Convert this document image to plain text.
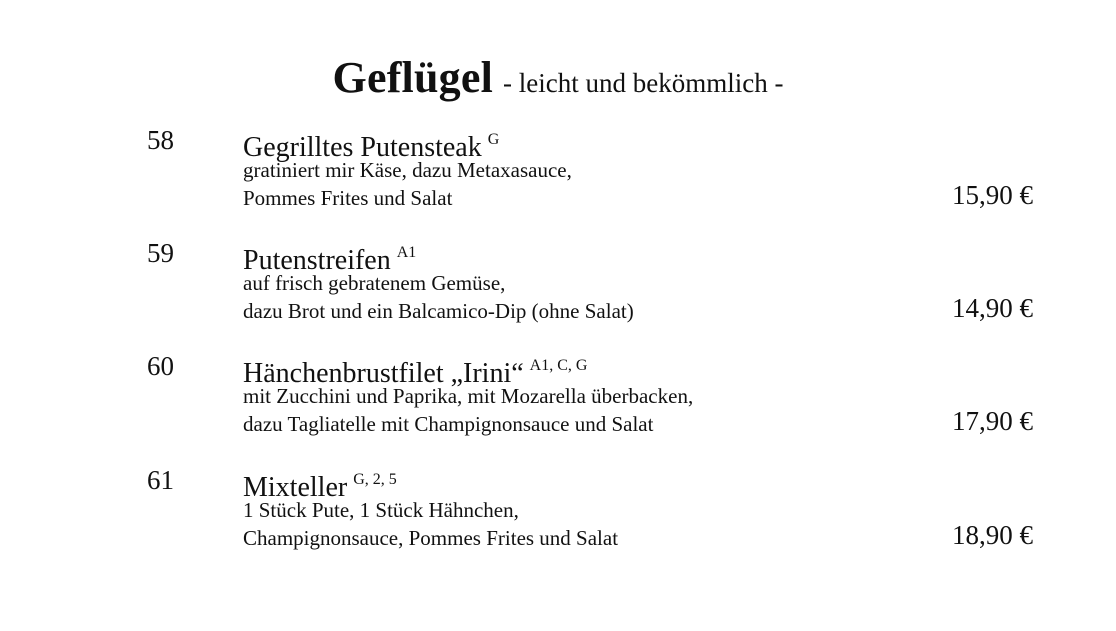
Geflügel - leicht und bekömmlich -
58 Gegrilltes Putensteak $^G$
gratiniert mir Käse, dazu Metaxasauce,
Pommes Frites und Salat	15,90 €
59 Putenstreifen $^{A1}$
auf frisch gebratenem Gemüse,
dazu Brot und ein Balcamico-Dip (ohne Salat)	14,90 €
60 Hänchenbrustfilet „Irini“ $^{A1, C, G}$
mit Zucchini und Paprika, mit Mozarella überbacken,
dazu Tagliatelle mit Champignonsauce und Salat	17,90 €
61 Mixteller $^{G, 2, 5}$
1 Stück Pute, 1 Stück Hähnchen,
Champignonsauce, Pommes Frites und Salat	18,90 €
